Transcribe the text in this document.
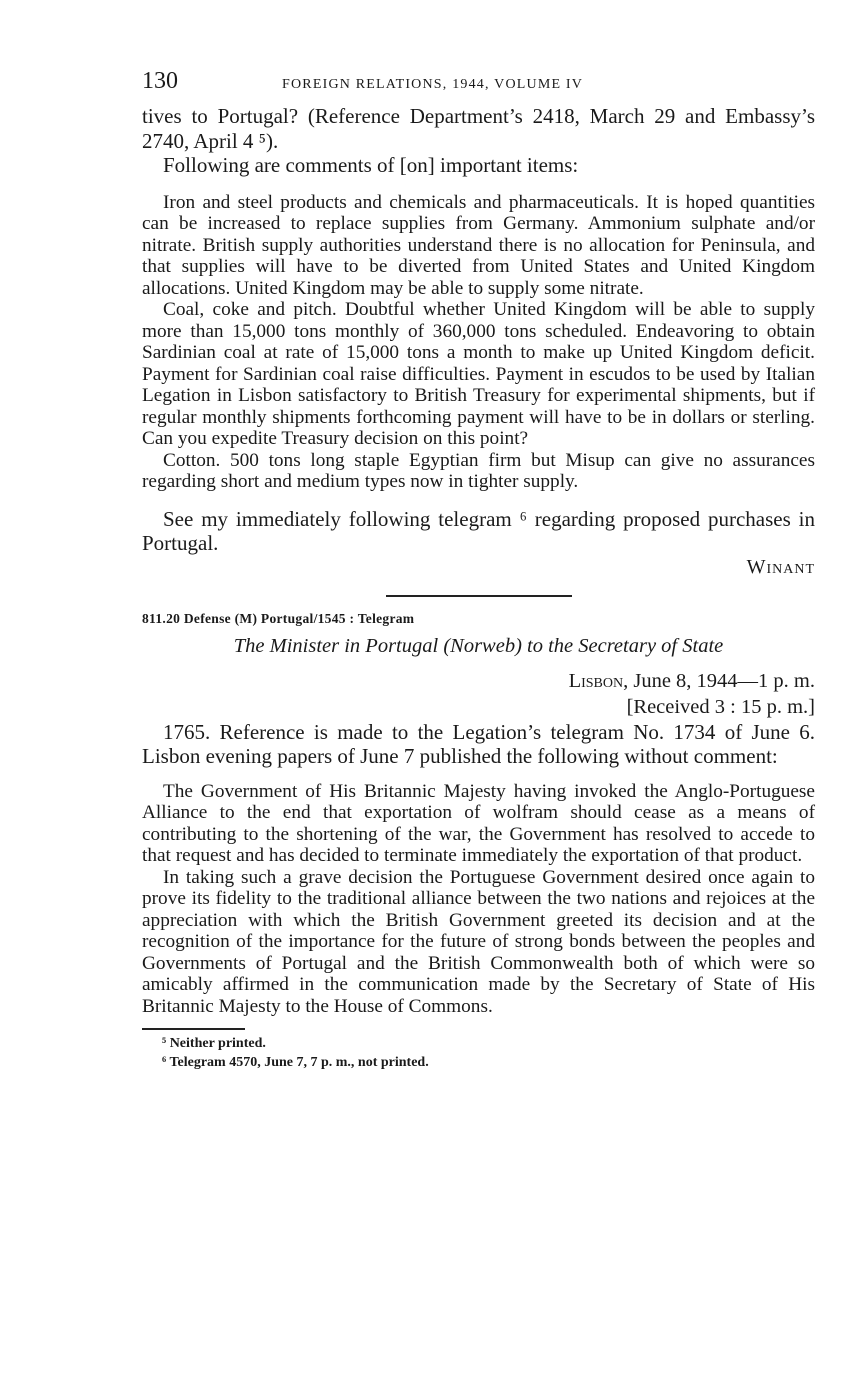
130	FOREIGN RELATIONS, 1944, VOLUME IV

tives to Portugal? (Reference Department’s 2418, March 29 and Embassy’s 2740, April 4 ⁵).

Following are comments of [on] important items:

Iron and steel products and chemicals and pharmaceuticals. It is hoped quantities can be increased to replace supplies from Germany. Ammonium sulphate and/or nitrate. British supply authorities understand there is no allocation for Peninsula, and that supplies will have to be diverted from United States and United Kingdom allocations. United Kingdom may be able to supply some nitrate.

Coal, coke and pitch. Doubtful whether United Kingdom will be able to supply more than 15,000 tons monthly of 360,000 tons scheduled. Endeavoring to obtain Sardinian coal at rate of 15,000 tons a month to make up United Kingdom deficit. Payment for Sardinian coal raise difficulties. Payment in escudos to be used by Italian Legation in Lisbon satisfactory to British Treasury for experimental shipments, but if regular monthly shipments forthcoming payment will have to be in dollars or sterling. Can you expedite Treasury decision on this point?

Cotton. 500 tons long staple Egyptian firm but Misup can give no assurances regarding short and medium types now in tighter supply.

See my immediately following telegram ⁶ regarding proposed purchases in Portugal.

Winant
811.20 Defense (M) Portugal/1545 : Telegram
The Minister in Portugal (Norweb) to the Secretary of State
Lisbon, June 8, 1944—1 p. m.
[Received 3 : 15 p. m.]

1765. Reference is made to the Legation’s telegram No. 1734 of June 6. Lisbon evening papers of June 7 published the following without comment:

The Government of His Britannic Majesty having invoked the Anglo-Portuguese Alliance to the end that exportation of wolfram should cease as a means of contributing to the shortening of the war, the Government has resolved to accede to that request and has decided to terminate immediately the exportation of that product.

In taking such a grave decision the Portuguese Government desired once again to prove its fidelity to the traditional alliance between the two nations and rejoices at the appreciation with which the British Government greeted its decision and at the recognition of the importance for the future of strong bonds between the peoples and Governments of Portugal and the British Commonwealth both of which were so amicably affirmed in the communication made by the Secretary of State of His Britannic Majesty to the House of Commons.

⁵ Neither printed.
⁶ Telegram 4570, June 7, 7 p. m., not printed.
